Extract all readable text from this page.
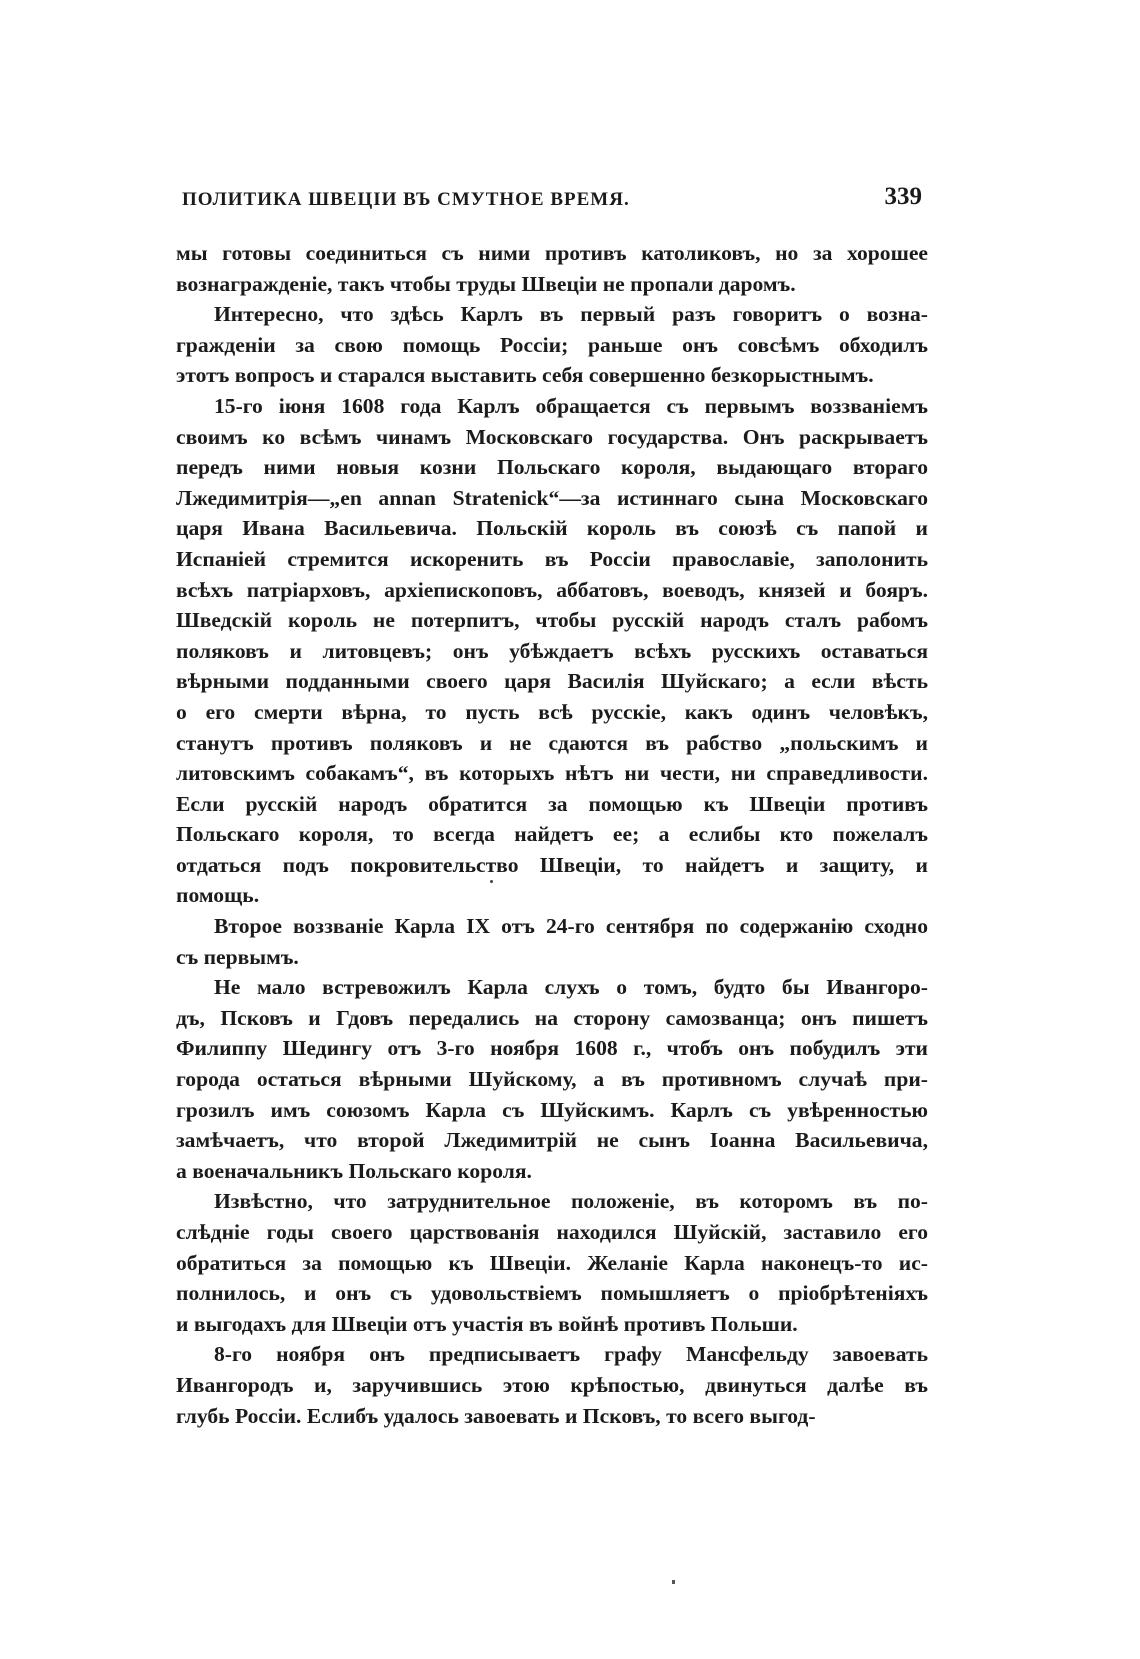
ПОЛИТИКА ШВЕЦІИ ВЪ СМУТНОЕ ВРЕМЯ.	339

мы готовы соединиться съ ними противъ католиковъ, но за хорошее
вознагражденіе, такъ чтобы труды Швеціи не пропали даромъ.

Интересно, что здѣсь Карлъ въ первый разъ говоритъ о возна-
гражденіи за свою помощь Россіи; раньше онъ совсѣмъ обходилъ
этотъ вопросъ и старался выставить себя совершенно безкорыстнымъ.

15-го іюня 1608 года Карлъ обращается съ первымъ воззваніемъ
своимъ ко всѣмъ чинамъ Московскаго государства. Онъ раскрываетъ
передъ ними новыя козни Польскаго короля, выдающаго втораго
Лжедимитрія—„en annan Stratenick“—за истиннаго сына Московскаго
царя Ивана Васильевича. Польскій король въ союзѣ съ папой и
Испаніей стремится искоренить въ Россіи православіе, заполонить
всѣхъ патріарховъ, архіепископовъ, аббатовъ, воеводъ, князей и бояръ.
Шведскій король не потерпитъ, чтобы русскій народъ сталъ рабомъ
поляковъ и литовцевъ; онъ убѣждаетъ всѣхъ русскихъ оставаться
вѣрными подданными своего царя Василія Шуйскаго; а если вѣсть
о его смерти вѣрна, то пусть всѣ русскіе, какъ одинъ человѣкъ,
станутъ противъ поляковъ и не сдаются въ рабство „польскимъ и
литовскимъ собакамъ“, въ которыхъ нѣтъ ни чести, ни справедливости.
Если русскій народъ обратится за помощью къ Швеціи противъ
Польскаго короля, то всегда найдетъ ее; а еслибы кто пожелалъ
отдаться подъ покровительство Швеціи, то найдетъ и защиту, и
помощь.

Второе воззваніе Карла IX отъ 24-го сентября по содержанію сходно
съ первымъ.

Не мало встревожилъ Карла слухъ о томъ, будто бы Ивангоро-
дъ, Псковъ и Гдовъ передались на сторону самозванца; онъ пишетъ
Филиппу Шедингу отъ 3-го ноября 1608 г., чтобъ онъ побудилъ эти
города остаться вѣрными Шуйскому, а въ противномъ случаѣ при-
грозилъ имъ союзомъ Карла съ Шуйскимъ. Карлъ съ увѣренностью
замѣчаетъ, что второй Лжедимитрій не сынъ Іоанна Васильевича,
а военачальникъ Польскаго короля.

Извѣстно, что затруднительное положеніе, въ которомъ въ по-
слѣдніе годы своего царствованія находился Шуйскій, заставило его
обратиться за помощью къ Швеціи. Желаніе Карла наконецъ-то ис-
полнилось, и онъ съ удовольствіемъ помышляетъ о пріобрѣтеніяхъ
и выгодахъ для Швеціи отъ участія въ войнѣ противъ Польши.

8-го ноября онъ предписываетъ графу Мансфельду завоевать
Ивангородъ и, заручившись этою крѣпостью, двинуться далѣе въ
глубь Россіи. Еслибъ удалось завоевать и Псковъ, то всего выгод-
